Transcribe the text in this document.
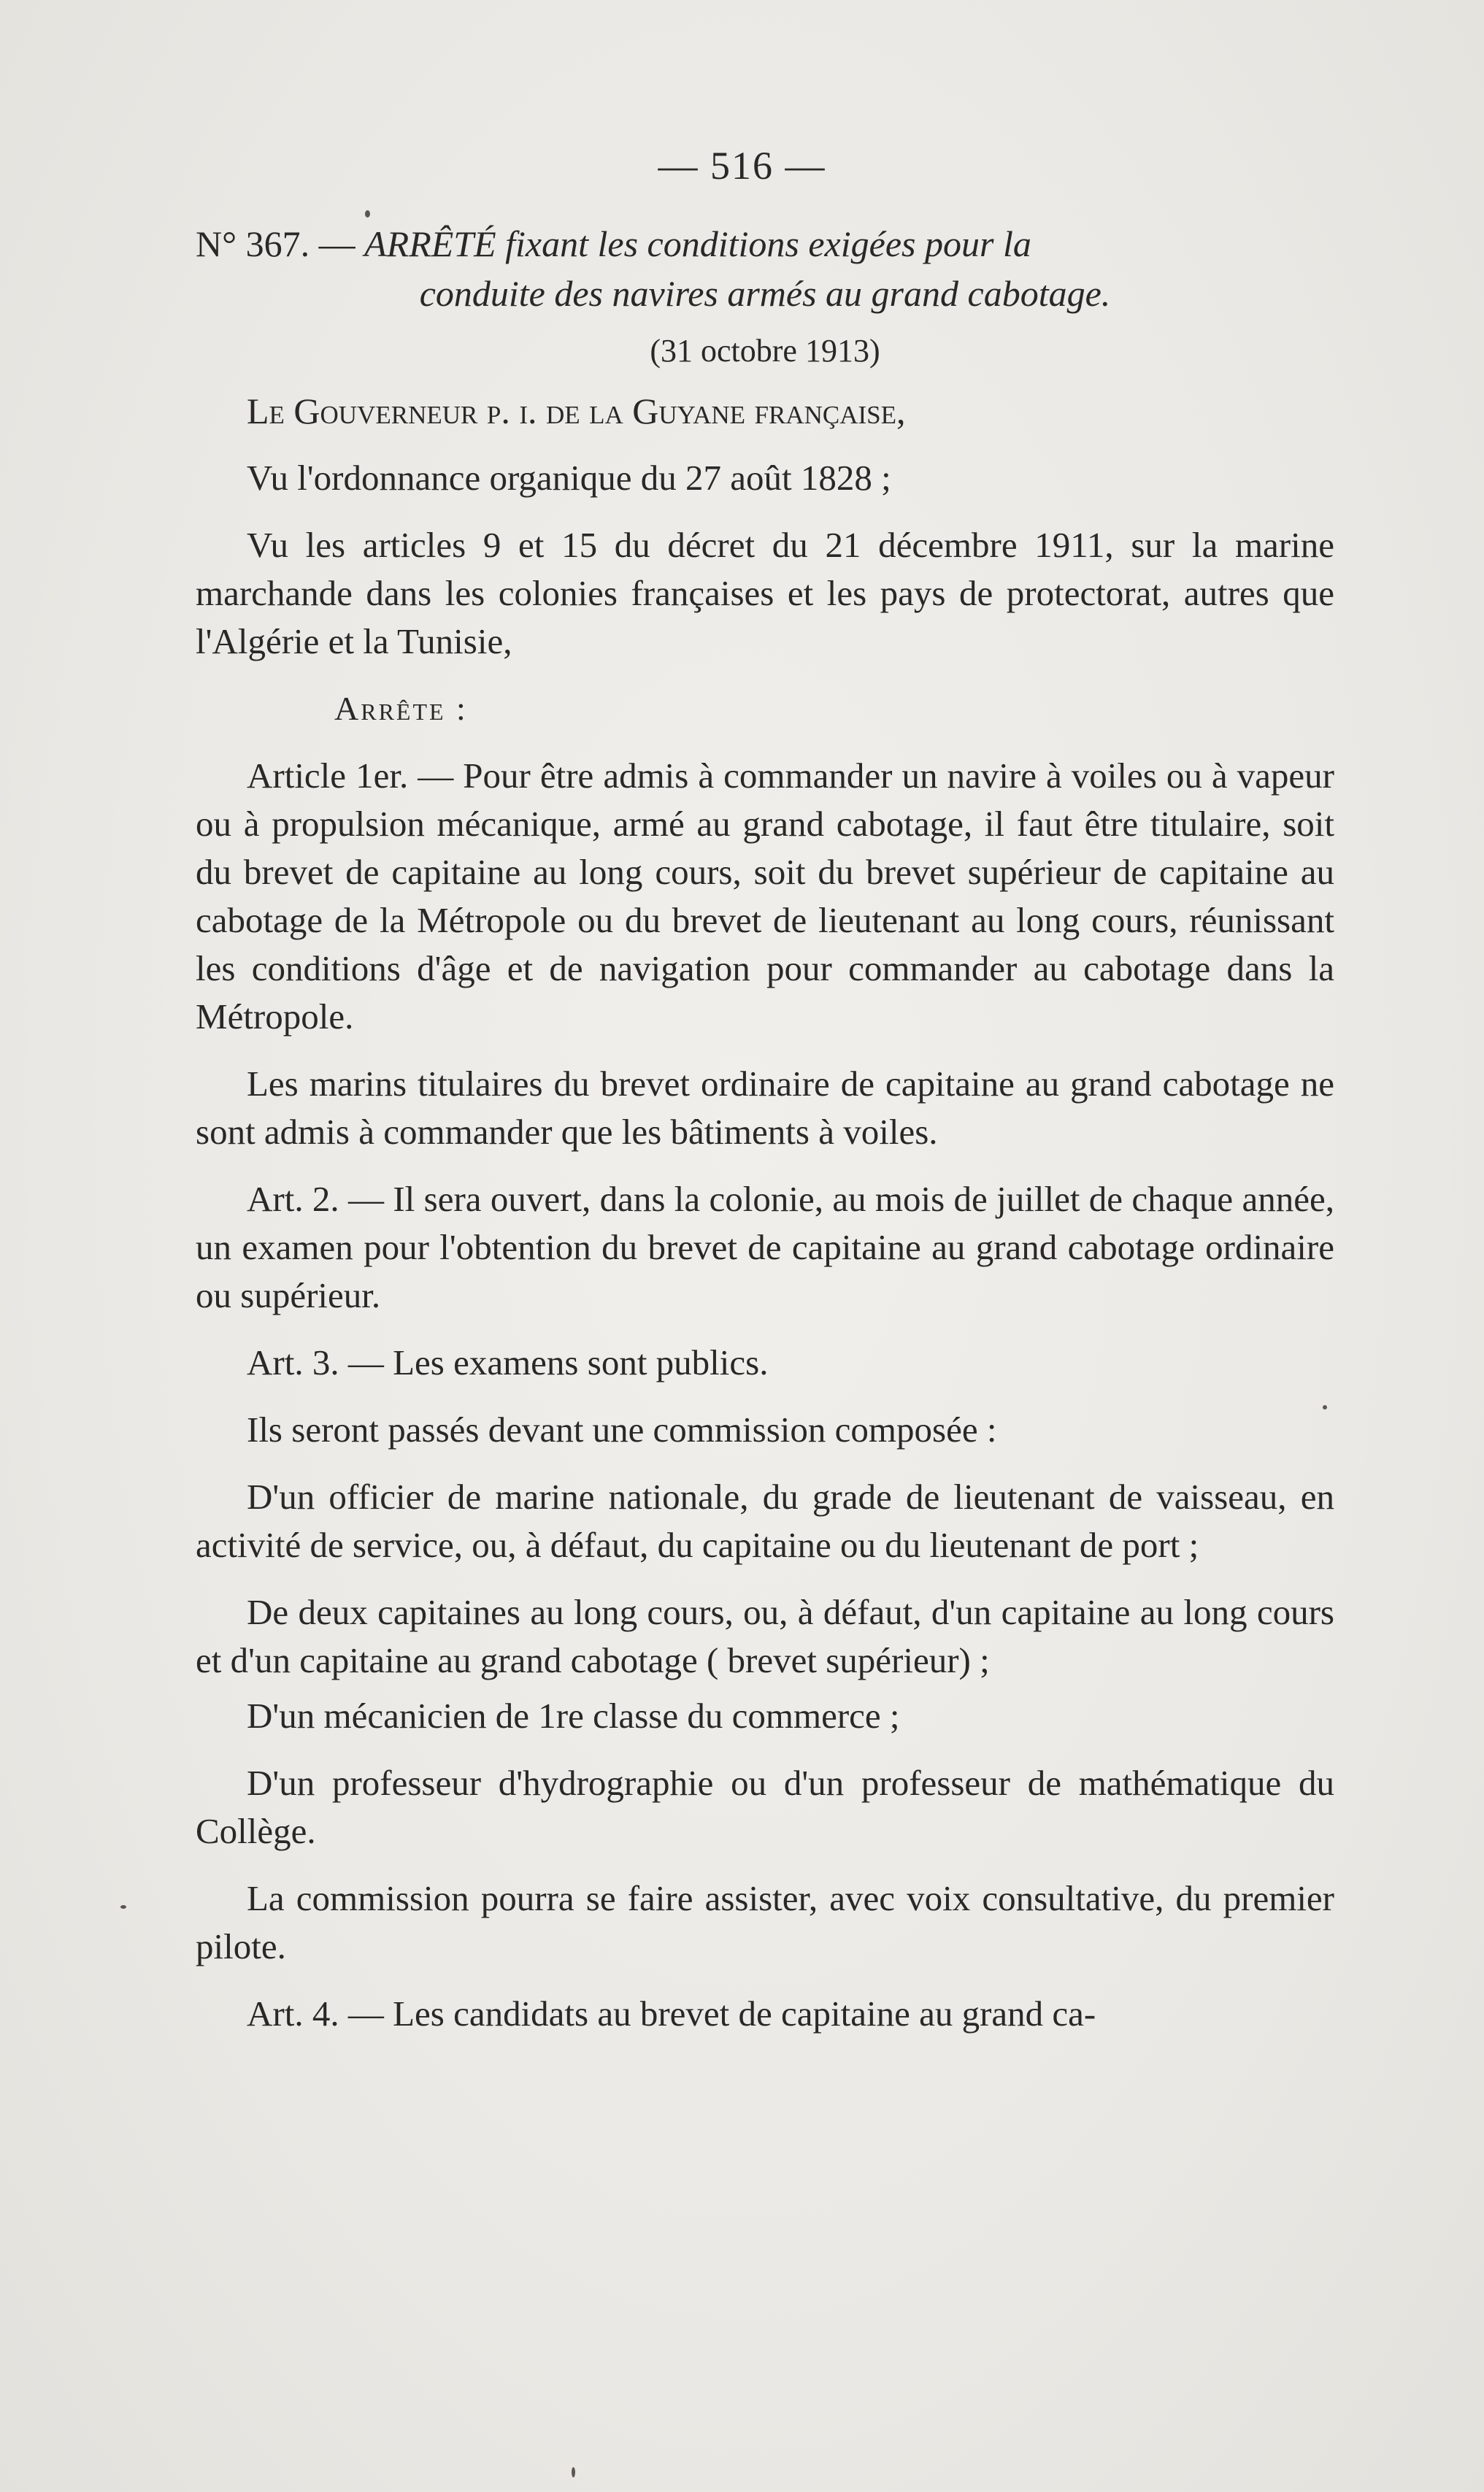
— 516 —

N° 367. — ARRÊTÉ fixant les conditions exigées pour la

conduite des navires armés au grand cabotage.

(31 octobre 1913)

Le Gouverneur p. i. de la Guyane française,

Vu l'ordonnance organique du 27 août 1828 ;

Vu les articles 9 et 15 du décret du 21 décembre 1911, sur la marine marchande dans les colonies françaises et les pays de protectorat, autres que l'Algérie et la Tunisie,

Arrête :

Article 1er. — Pour être admis à commander un navire à voiles ou à vapeur ou à propulsion mécanique, armé au grand cabotage, il faut être titulaire, soit du brevet de capitaine au long cours, soit du brevet supérieur de capitaine au cabotage de la Métropole ou du brevet de lieutenant au long cours, réunissant les conditions d'âge et de navigation pour commander au cabotage dans la Métropole.

Les marins titulaires du brevet ordinaire de capitaine au grand cabotage ne sont admis à commander que les bâtiments à voiles.

Art. 2. — Il sera ouvert, dans la colonie, au mois de juillet de chaque année, un examen pour l'obtention du brevet de capitaine au grand cabotage ordinaire ou supérieur.

Art. 3. — Les examens sont publics.

Ils seront passés devant une commission composée :

D'un officier de marine nationale, du grade de lieutenant de vaisseau, en activité de service, ou, à défaut, du capitaine ou du lieutenant de port ;

De deux capitaines au long cours, ou, à défaut, d'un capitaine au long cours et d'un capitaine au grand cabotage ( brevet supérieur) ;

D'un mécanicien de 1re classe du commerce ;

D'un professeur d'hydrographie ou d'un professeur de mathématique du Collège.

La commission pourra se faire assister, avec voix consultative, du premier pilote.

Art. 4. — Les candidats au brevet de capitaine au grand ca-
